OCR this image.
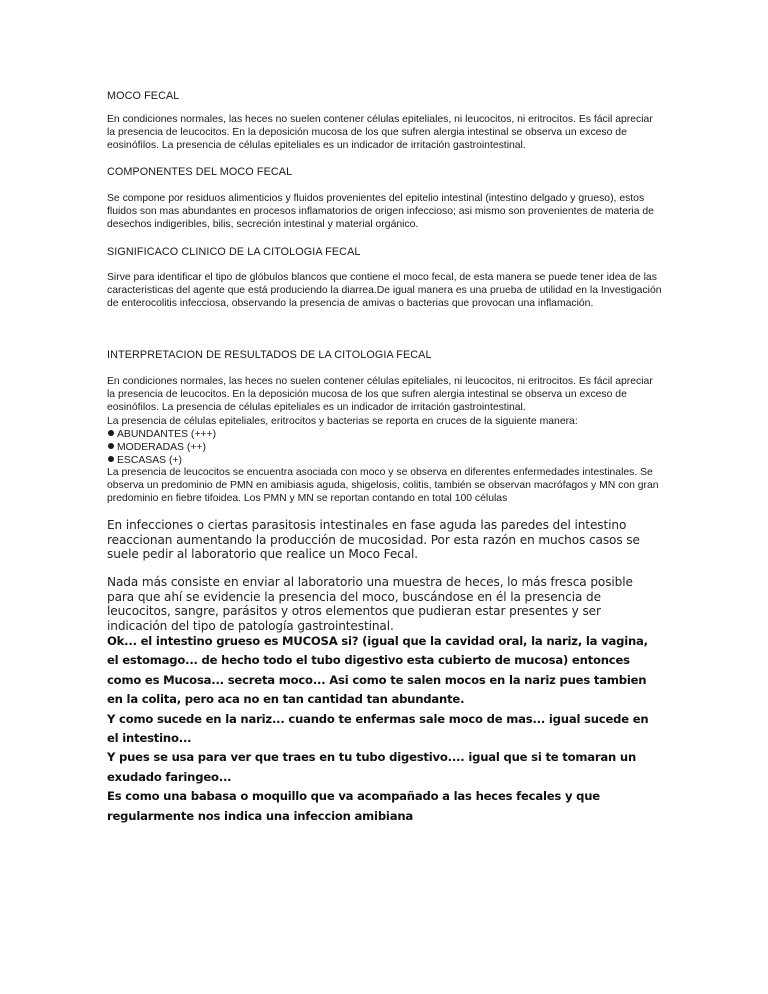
MOCO FECAL

En condiciones normales, las heces no suelen contener células epiteliales, ni leucocitos, ni eritrocitos. Es fácil apreciar la presencia de leucocitos. En la deposición mucosa de los que sufren alergia intestinal se observa un exceso de eosinófilos. La presencia de células epiteliales es un indicador de irritación gastrointestinal.

COMPONENTES DEL MOCO FECAL

Se compone por residuos alimenticios y fluidos provenientes del epitelio intestinal (intestino delgado y grueso), estos fluidos son mas abundantes en procesos inflamatorios de origen infeccioso; asi mismo son provenientes de materia de desechos indigeribles, bilis, secreción intestinal y material orgánico.

SIGNIFICACO CLINICO DE LA CITOLOGIA FECAL

Sirve para identificar el tipo de glóbulos blancos que contiene el moco fecal, de esta manera se puede tener idea de las caracteristicas del agente que está produciendo la diarrea.De igual manera es una prueba de utilidad en la Investigación de enterocolitis infecciosa, observando la presencia de amivas o bacterias que provocan una inflamación.

INTERPRETACION DE RESULTADOS DE LA CITOLOGIA FECAL

En condiciones normales, las heces no suelen contener células epiteliales, ni leucocitos, ni eritrocitos. Es fácil apreciar la presencia de leucocitos. En la deposición mucosa de los que sufren alergia intestinal se observa un exceso de eosinófilos. La presencia de células epiteliales es un indicador de irritación gastrointestinal.

La presencia de células epiteliales, eritrocitos y bacterias se reporta en cruces de la siguiente manera:

ABUNDANTES (+++)
MODERADAS (++)
ESCASAS (+)

La presencia de leucocitos se encuentra asociada con moco y se observa en diferentes enfermedades intestinales. Se observa un predominio de PMN en amibiasis aguda, shigelosis, colitis, también se observan macrófagos y MN con gran predominio en fiebre tifoidea. Los PMN y MN se reportan contando en total 100 células

En infecciones o ciertas parasitosis intestinales en fase aguda las paredes del intestino reaccionan aumentando la producción de mucosidad. Por esta razón en muchos casos se suele pedir al laboratorio que realice un Moco Fecal.

Nada más consiste en enviar al laboratorio una muestra de heces, lo más fresca posible para que ahí se evidencie la presencia del moco, buscándose en él la presencia de leucocitos, sangre, parásitos y otros elementos que pudieran estar presentes y ser indicación del tipo de patología gastrointestinal.

Ok... el intestino grueso es MUCOSA si? (igual que la cavidad oral, la nariz, la vagina, el estomago... de hecho todo el tubo digestivo esta cubierto de mucosa) entonces como es Mucosa... secreta moco... Asi como te salen mocos en la nariz pues tambien en la colita, pero aca no en tan cantidad tan abundante.

Y como sucede en la nariz... cuando te enfermas sale moco de mas... igual sucede en el intestino...

Y pues se usa para ver que traes en tu tubo digestivo.... igual que si te tomaran un exudado faringeo...

Es como una babasa o moquillo que va acompañado a las heces fecales y que regularmente nos indica una infeccion amibiana
